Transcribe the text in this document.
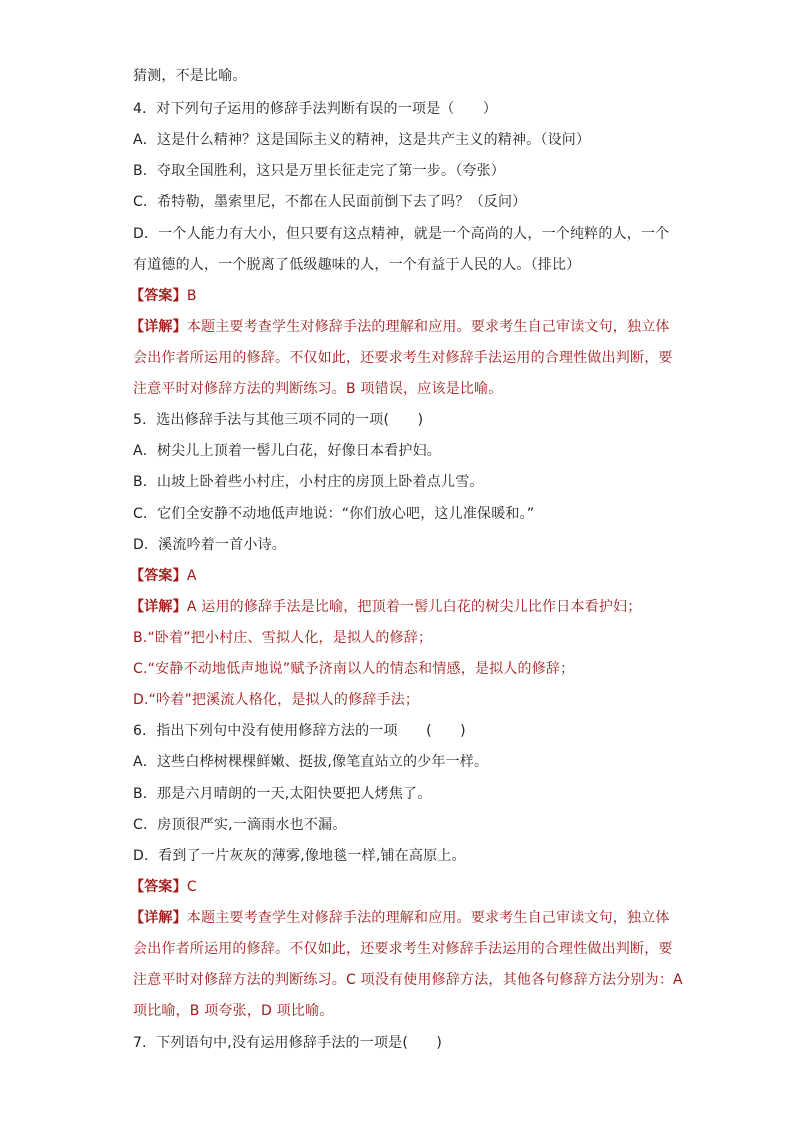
猜测，不是比喻。
4．对下列句子运用的修辞手法判断有误的一项是（　　）
A．这是什么精神？这是国际主义的精神，这是共产主义的精神。（设问）
B．夺取全国胜利，这只是万里长征走完了第一步。（夸张）
C．希特勒，墨索里尼，不都在人民面前倒下去了吗？（反问）
D．一个人能力有大小，但只要有这点精神，就是一个高尚的人，一个纯粹的人，一个
有道德的人，一个脱离了低级趣味的人，一个有益于人民的人。（排比）
【答案】B
【详解】本题主要考查学生对修辞手法的理解和应用。要求考生自己审读文句，独立体
会出作者所运用的修辞。不仅如此，还要求考生对修辞手法运用的合理性做出判断，要
注意平时对修辞方法的判断练习。B 项错误，应该是比喻。
5．选出修辞手法与其他三项不同的一项(　　)
A．树尖儿上顶着一髻儿白花，好像日本看护妇。
B．山坡上卧着些小村庄，小村庄的房顶上卧着点儿雪。
C．它们全安静不动地低声地说：“你们放心吧，这儿准保暖和。”
D．溪流吟着一首小诗。
【答案】A
【详解】A 运用的修辞手法是比喻，把顶着一髻儿白花的树尖儿比作日本看护妇；
B.“卧着”把小村庄、雪拟人化，是拟人的修辞；
C.“安静不动地低声地说”赋予济南以人的情态和情感，是拟人的修辞；
D.“吟着”把溪流人格化，是拟人的修辞手法；
6．指出下列句中没有使用修辞方法的一项　　(　　)
A．这些白桦树棵棵鲜嫩、挺拔,像笔直站立的少年一样。
B．那是六月晴朗的一天,太阳快要把人烤焦了。
C．房顶很严实,一滴雨水也不漏。
D．看到了一片灰灰的薄雾,像地毯一样,铺在高原上。
【答案】C
【详解】本题主要考查学生对修辞手法的理解和应用。要求考生自己审读文句，独立体
会出作者所运用的修辞。不仅如此，还要求考生对修辞手法运用的合理性做出判断，要
注意平时对修辞方法的判断练习。C 项没有使用修辞方法，其他各句修辞方法分别为：A
项比喻，B 项夸张，D 项比喻。
7．下列语句中,没有运用修辞手法的一项是(　　)
